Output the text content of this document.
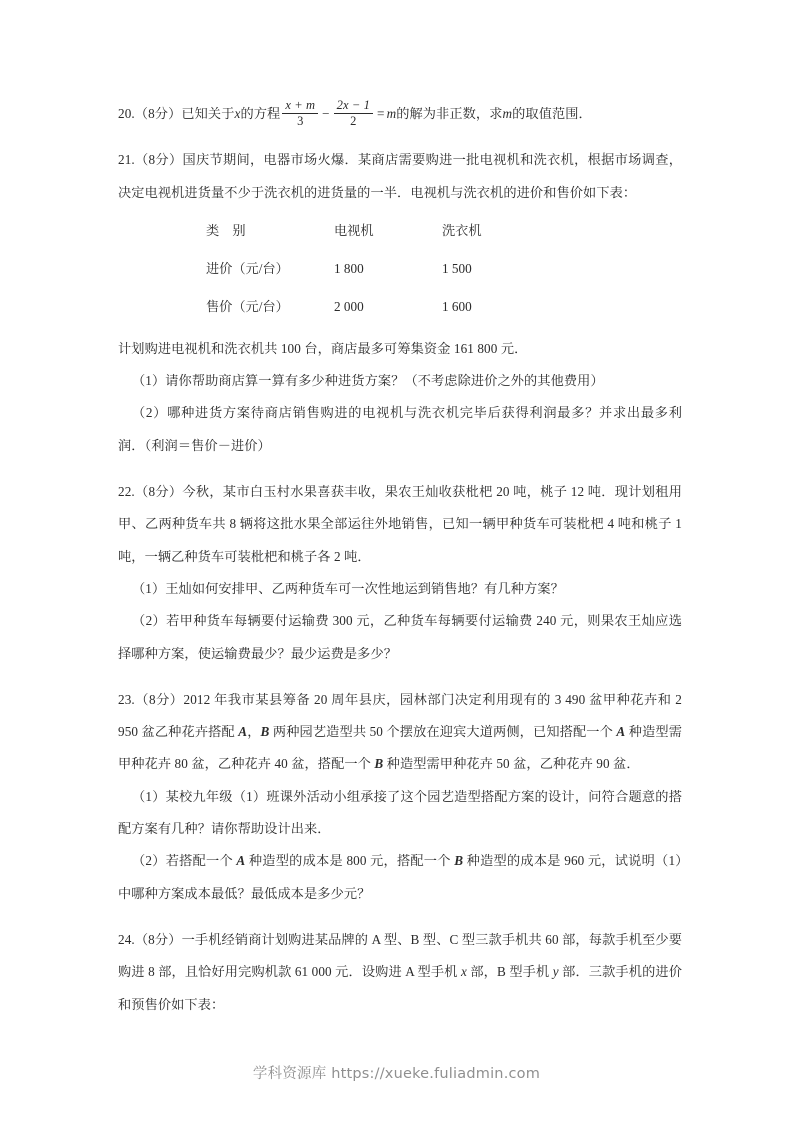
20.（8分）已知关于x的方程 $\frac{x + m}{3} - \frac{2x - 1}{2} = m$的解为非正数，求m的取值范围．

21.（8分）国庆节期间，电器市场火爆．某商店需要购进一批电视机和洗衣机，根据市场调查，决定电视机进货量不少于洗衣机的进货量的一半．电视机与洗衣机的进价和售价如下表：

类　别	电视机	洗衣机
进价（元/台）	1 800	1 500
售价（元/台）	2 000	1 600

计划购进电视机和洗衣机共 100 台，商店最多可筹集资金 161 800 元．

（1）请你帮助商店算一算有多少种进货方案？（不考虑除进价之外的其他费用）

（2）哪种进货方案待商店销售购进的电视机与洗衣机完毕后获得利润最多？并求出最多利润．（利润＝售价－进价）

22.（8分）今秋，某市白玉村水果喜获丰收，果农王灿收获枇杷 20 吨，桃子 12 吨．现计划租用甲、乙两种货车共 8 辆将这批水果全部运往外地销售，已知一辆甲种货车可装枇杷 4 吨和桃子 1 吨，一辆乙种货车可装枇杷和桃子各 2 吨．

（1）王灿如何安排甲、乙两种货车可一次性地运到销售地？有几种方案？

（2）若甲种货车每辆要付运输费 300 元，乙种货车每辆要付运输费 240 元，则果农王灿应选择哪种方案，使运输费最少？最少运费是多少？

23.（8分）2012 年我市某县筹备 20 周年县庆，园林部门决定利用现有的 3 490 盆甲种花卉和 2 950 盆乙种花卉搭配 A，B 两种园艺造型共 50 个摆放在迎宾大道两侧，已知搭配一个 A 种造型需甲种花卉 80 盆，乙种花卉 40 盆，搭配一个 B 种造型需甲种花卉 50 盆，乙种花卉 90 盆．

（1）某校九年级（1）班课外活动小组承接了这个园艺造型搭配方案的设计，问符合题意的搭配方案有几种？请你帮助设计出来．

（2）若搭配一个 A 种造型的成本是 800 元，搭配一个 B 种造型的成本是 960 元，试说明（1）中哪种方案成本最低？最低成本是多少元？

24.（8分）一手机经销商计划购进某品牌的 A 型、B 型、C 型三款手机共 60 部，每款手机至少要购进 8 部，且恰好用完购机款 61 000 元．设购进 A 型手机 x 部，B 型手机 y 部．三款手机的进价和预售价如下表：

学科资源库 https://xueke.fuliadmin.com
